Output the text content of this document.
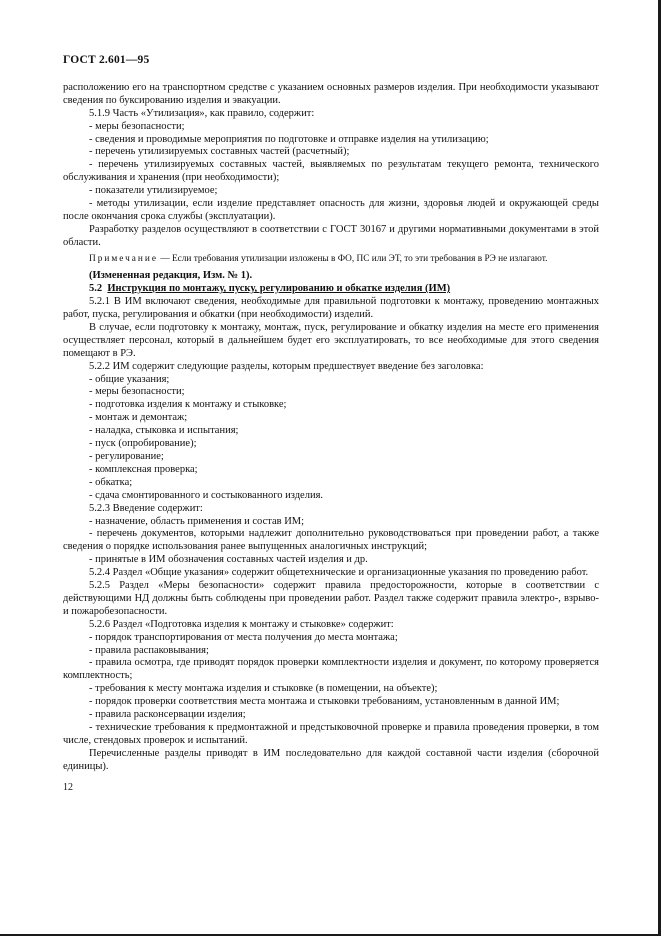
ГОСТ 2.601—95

расположению его на транспортном средстве с указанием основных размеров изделия. При необходимости указывают сведения по буксированию изделия и эвакуации.

5.1.9 Часть «Утилизация», как правило, содержит:

- меры безопасности;

- сведения и проводимые мероприятия по подготовке и отправке изделия на утилизацию;

- перечень утилизируемых составных частей (расчетный);

- перечень утилизируемых составных частей, выявляемых по результатам текущего ремонта, технического обслуживания и хранения (при необходимости);

- показатели утилизируемое;

- методы утилизации, если изделие представляет опасность для жизни, здоровья людей и окружающей среды после окончания срока службы (эксплуатации).

Разработку разделов осуществляют в соответствии с ГОСТ 30167 и другими нормативными документами в этой области.

Примечание — Если требования утилизации изложены в ФО, ПС или ЭТ, то эти требования в РЭ не излагают.

(Измененная редакция, Изм. № 1).

5.2 Инструкция по монтажу, пуску, регулированию и обкатке изделия (ИМ)

5.2.1 В ИМ включают сведения, необходимые для правильной подготовки к монтажу, проведению монтажных работ, пуска, регулирования и обкатки (при необходимости) изделий.

В случае, если подготовку к монтажу, монтаж, пуск, регулирование и обкатку изделия на месте его применения осуществляет персонал, который в дальнейшем будет его эксплуатировать, то все необходимые для этого сведения помещают в РЭ.

5.2.2 ИМ содержит следующие разделы, которым предшествует введение без заголовка:

- общие указания;

- меры безопасности;

- подготовка изделия к монтажу и стыковке;

- монтаж и демонтаж;

- наладка, стыковка и испытания;

- пуск (опробирование);

- регулирование;

- комплексная проверка;

- обкатка;

- сдача смонтированного и состыкованного изделия.

5.2.3 Введение содержит:

- назначение, область применения и состав ИМ;

- перечень документов, которыми надлежит дополнительно руководствоваться при проведении работ, а также сведения о порядке использования ранее выпущенных аналогичных инструкций;

- принятые в ИМ обозначения составных частей изделия и др.

5.2.4 Раздел «Общие указания» содержит общетехнические и организационные указания по проведению работ.

5.2.5 Раздел «Меры безопасности» содержит правила предосторожности, которые в соответствии с действующими НД должны быть соблюдены при проведении работ. Раздел также содержит правила электро-, взрыво- и пожаробезопасности.

5.2.6 Раздел «Подготовка изделия к монтажу и стыковке» содержит:

- порядок транспортирования от места получения до места монтажа;

- правила распаковывания;

- правила осмотра, где приводят порядок проверки комплектности изделия и документ, по которому проверяется комплектность;

- требования к месту монтажа изделия и стыковке (в помещении, на объекте);

- порядок проверки соответствия места монтажа и стыковки требованиям, установленным в данной ИМ;

- правила расконсервации изделия;

- технические требования к предмонтажной и предстыковочной проверке и правила проведения проверки, в том числе, стендовых проверок и испытаний.

Перечисленные разделы приводят в ИМ последовательно для каждой составной части изделия (сборочной единицы).

12
